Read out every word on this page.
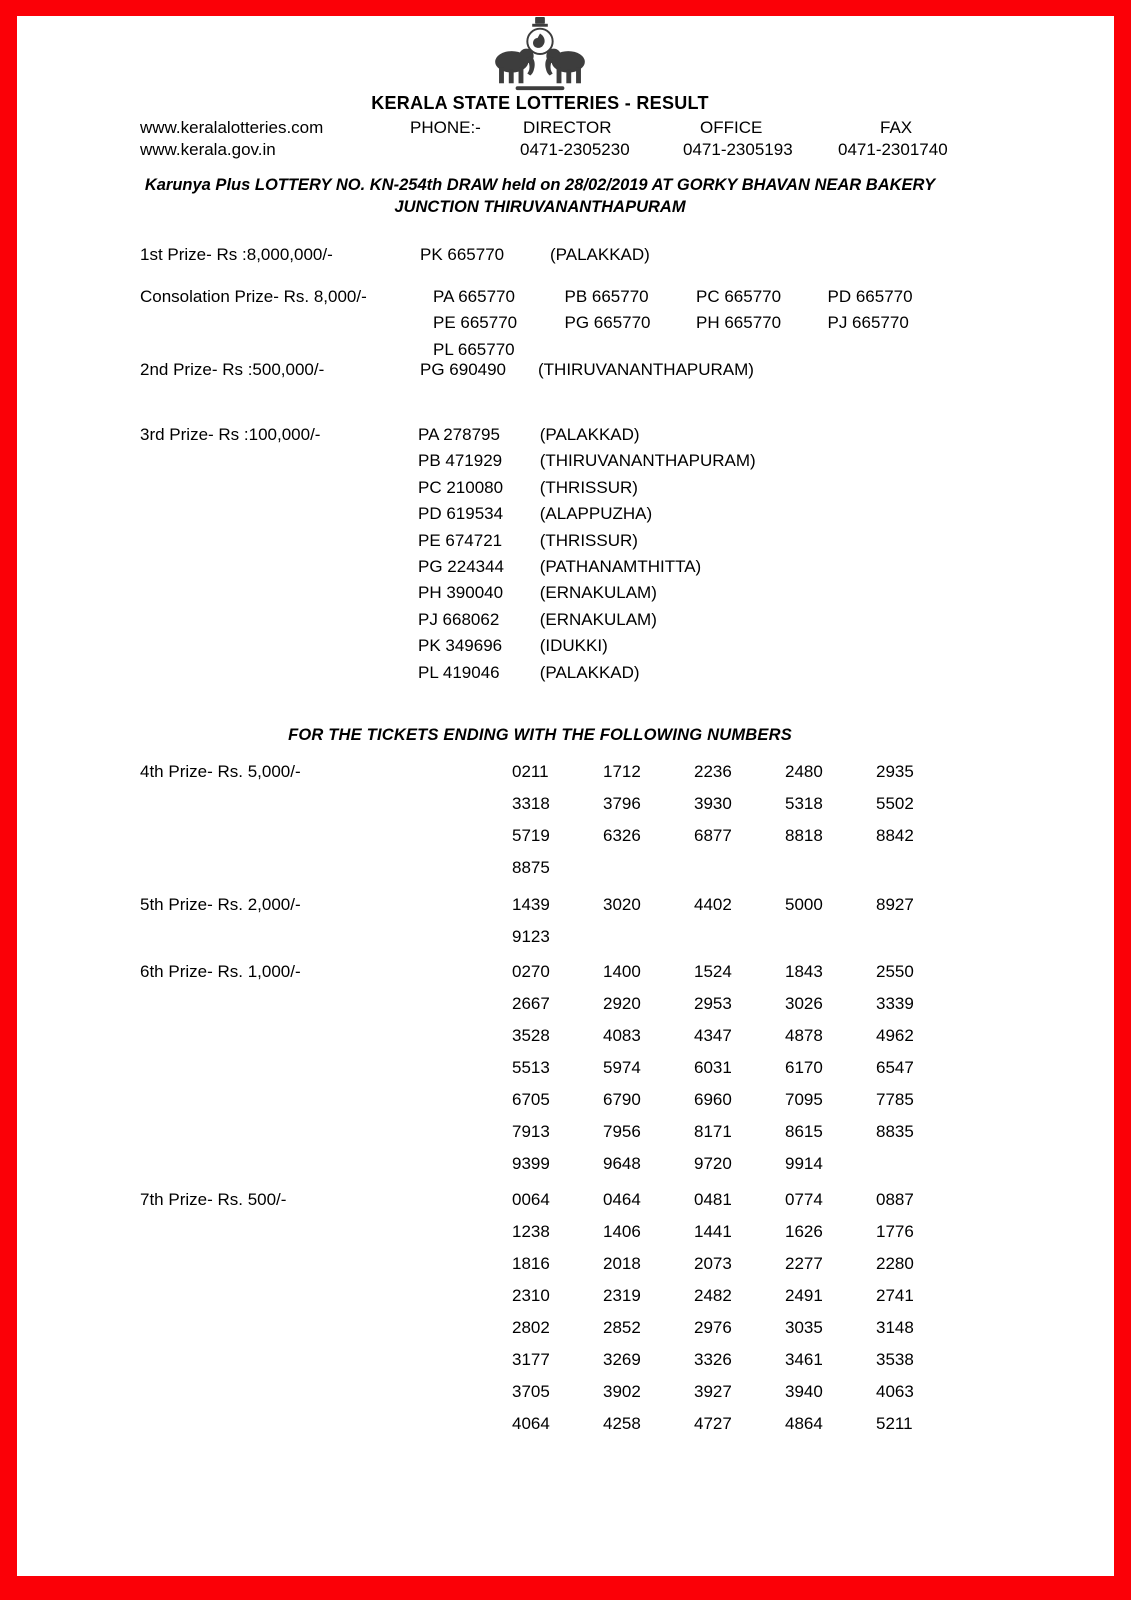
KERALA STATE LOTTERIES - RESULT
www.keralalotteries.com	PHONE:- DIRECTOR	OFFICE	FAX
www.kerala.gov.in	0471-2305230	0471-2305193	0471-2301740
Karunya Plus LOTTERY NO. KN-254th DRAW held on 28/02/2019 AT GORKY BHAVAN NEAR BAKERY
JUNCTION THIRUVANANTHAPURAM
1st Prize- Rs :8,000,000/-	PK 665770	(PALAKKAD)
Consolation Prize- Rs. 8,000/-	PA 665770	PB 665770	PC 665770	PD 665770
PE 665770	PG 665770	PH 665770	PJ 665770
PL 665770
2nd Prize- Rs :500,000/-	PG 690490 (THIRUVANANTHAPURAM)
3rd Prize- Rs :100,000/-	PA 278795 (PALAKKAD)
PB 471929 (THIRUVANANTHAPURAM)
PC 210080 (THRISSUR)
PD 619534 (ALAPPUZHA)
PE 674721 (THRISSUR)
PG 224344 (PATHANAMTHITTA)
PH 390040 (ERNAKULAM)
PJ 668062 (ERNAKULAM)
PK 349696 (IDUKKI)
PL 419046 (PALAKKAD)
FOR THE TICKETS ENDING WITH THE FOLLOWING NUMBERS
4th Prize- Rs. 5,000/-	0211	1712	2236	2480	2935
3318	3796	3930	5318	5502
5719	6326	6877	8818	8842
8875
5th Prize- Rs. 2,000/-	1439	3020	4402	5000	8927
9123
6th Prize- Rs. 1,000/-	0270	1400	1524	1843	2550
2667	2920	2953	3026	3339
3528	4083	4347	4878	4962
5513	5974	6031	6170	6547
6705	6790	6960	7095	7785
7913	7956	8171	8615	8835
9399	9648	9720	9914
7th Prize- Rs. 500/-	0064	0464	0481	0774	0887
1238	1406	1441	1626	1776
1816	2018	2073	2277	2280
2310	2319	2482	2491	2741
2802	2852	2976	3035	3148
3177	3269	3326	3461	3538
3705	3902	3927	3940	4063
4064	4258	4727	4864	5211
